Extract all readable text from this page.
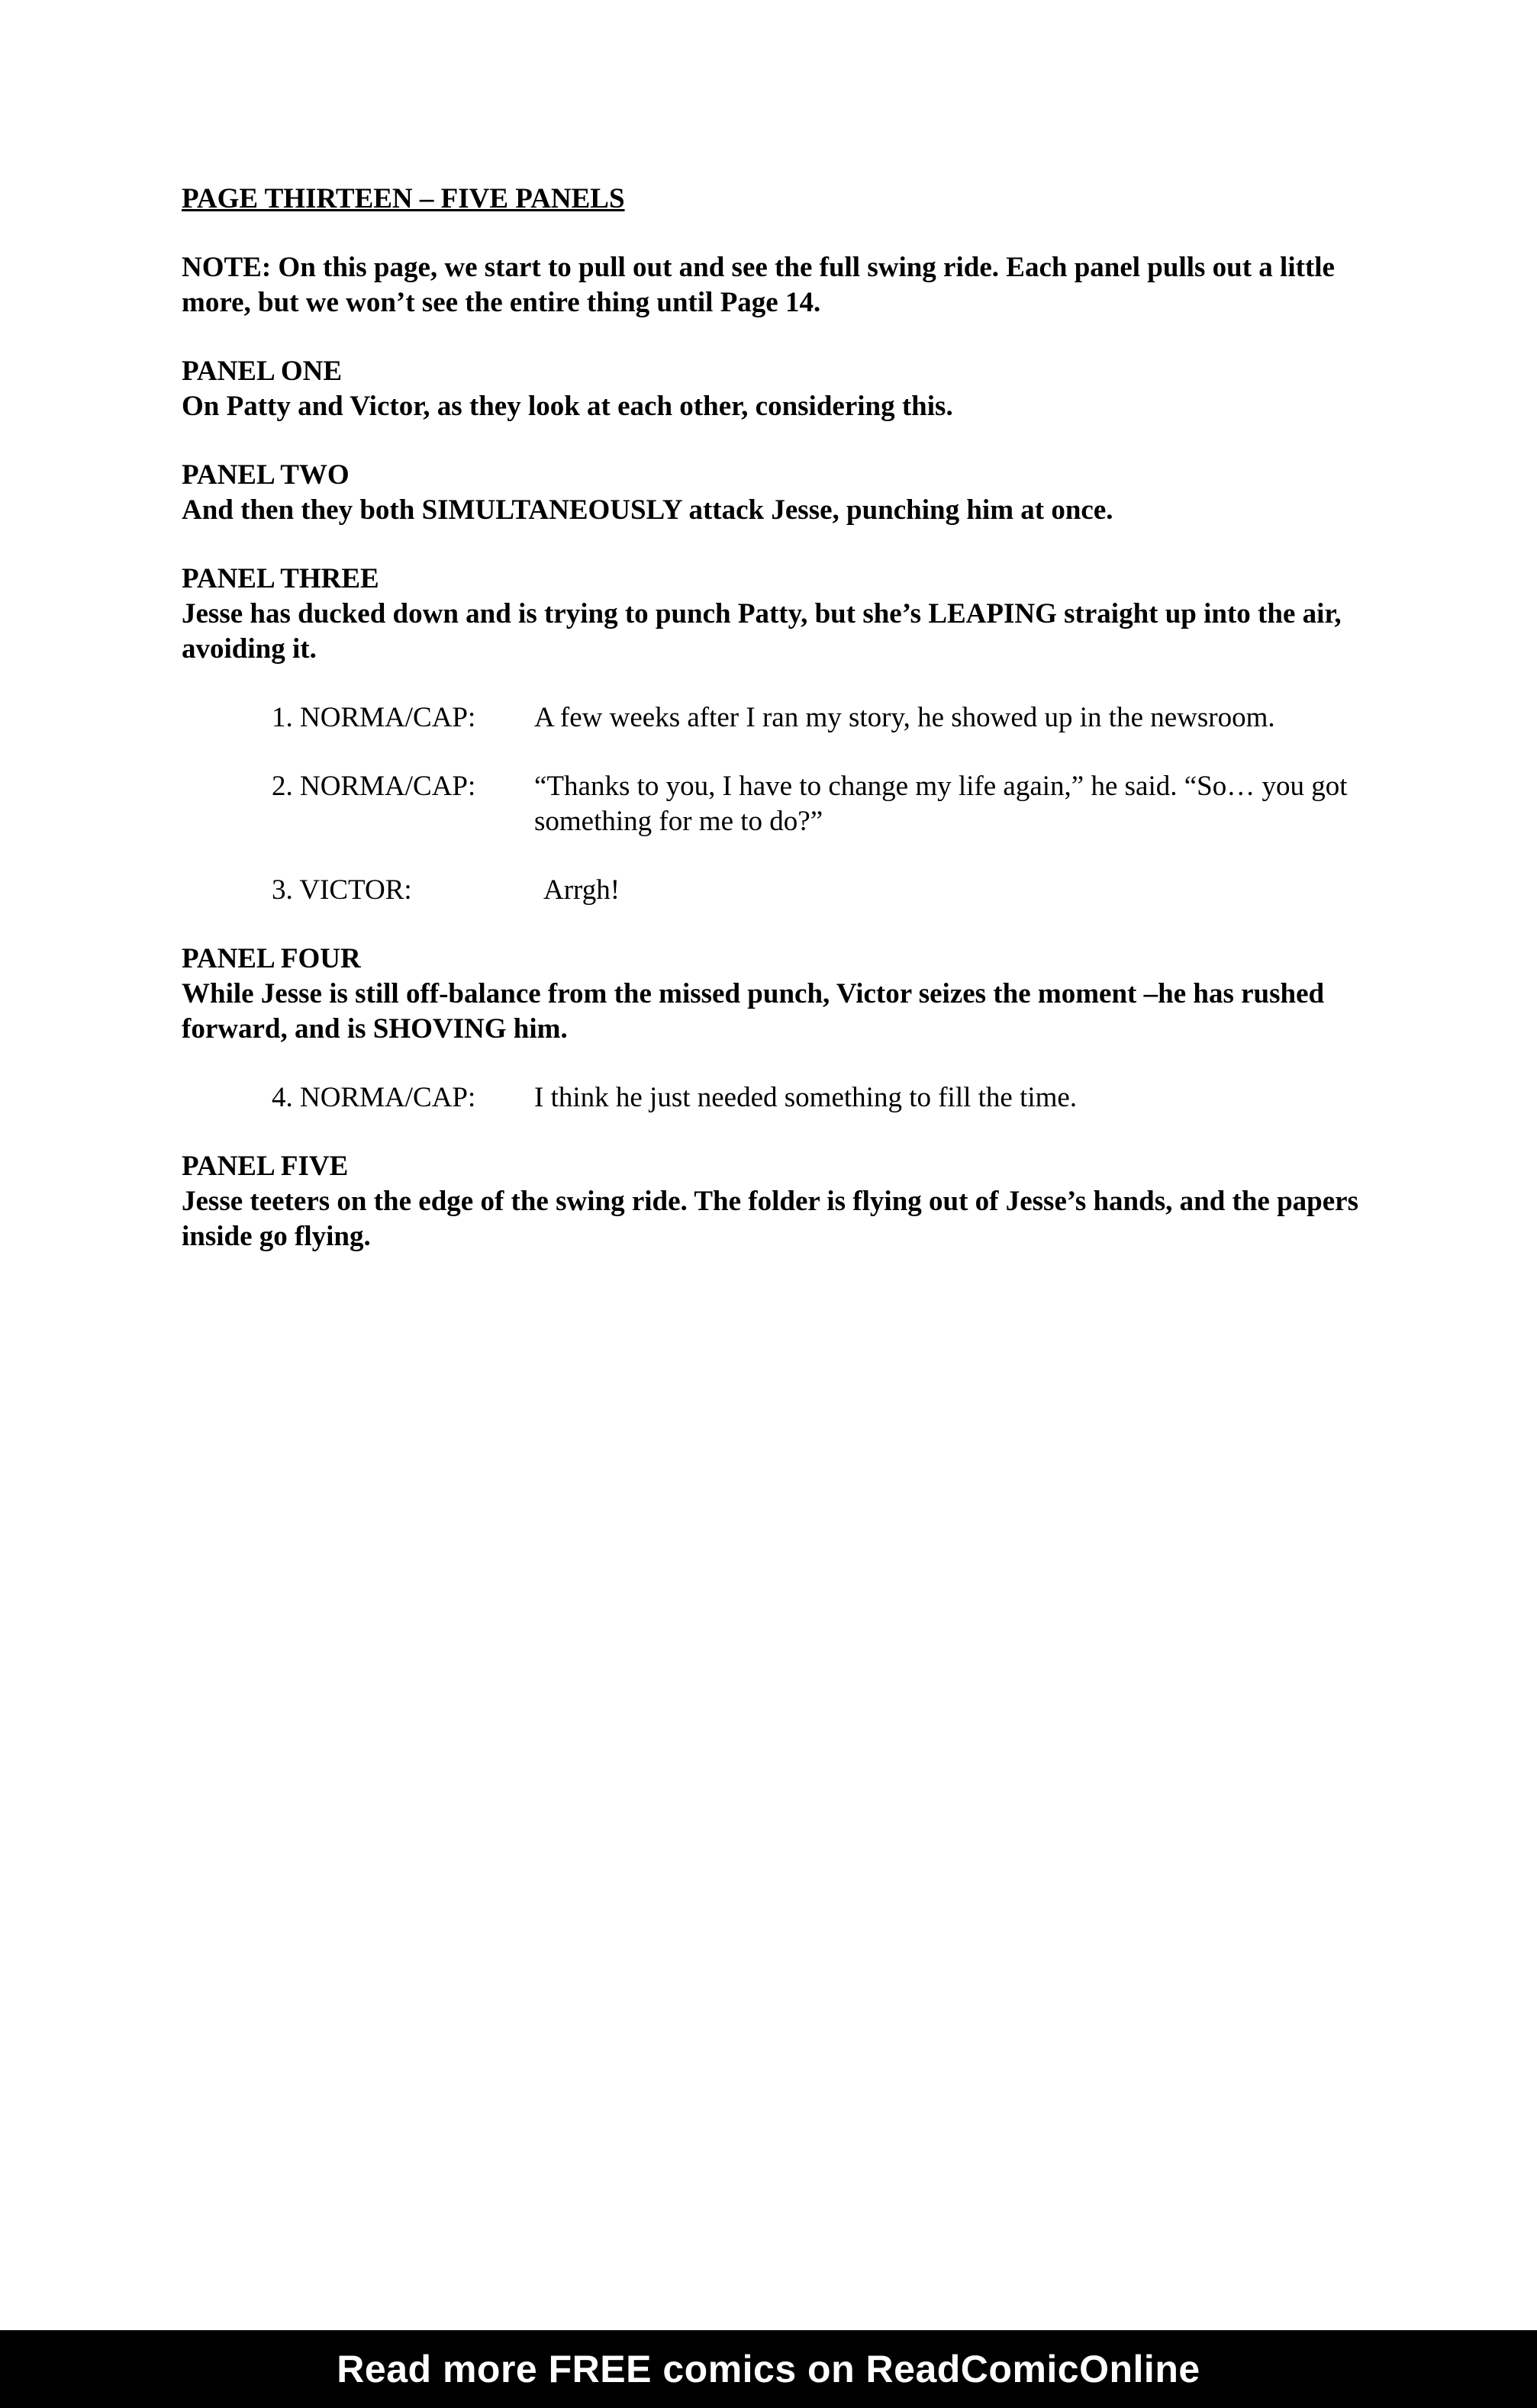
PAGE THIRTEEN – FIVE PANELS

NOTE: On this page, we start to pull out and see the full swing ride. Each panel pulls out a little more, but we won’t see the entire thing until Page 14.

PANEL ONE

On Patty and Victor, as they look at each other, considering this.

PANEL TWO

And then they both SIMULTANEOUSLY attack Jesse, punching him at once.

PANEL THREE

Jesse has ducked down and is trying to punch Patty, but she’s LEAPING straight up into the air, avoiding it.

1. NORMA/CAP:	A few weeks after I ran my story, he showed up in the newsroom.
2. NORMA/CAP:	“Thanks to you, I have to change my life again,” he said. “So… you got something for me to do?”
3. VICTOR:	Arrgh!

PANEL FOUR

While Jesse is still off-balance from the missed punch, Victor seizes the moment –he has rushed forward, and is SHOVING him.

4. NORMA/CAP:	I think he just needed something to fill the time.

PANEL FIVE

Jesse teeters on the edge of the swing ride. The folder is flying out of Jesse’s hands, and the papers inside go flying.

Read more FREE comics on ReadComicOnline
